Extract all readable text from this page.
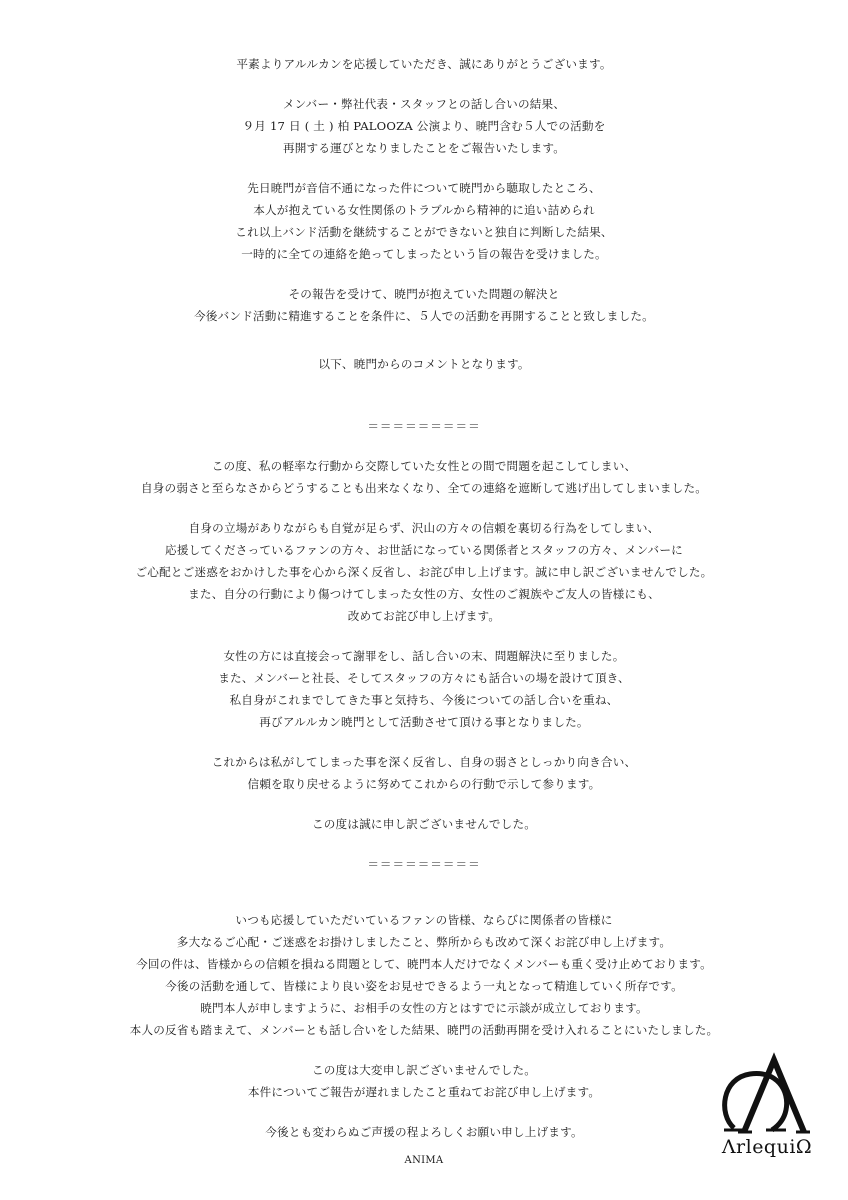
平素よりアルルカンを応援していただき、誠にありがとうございます。
メンバー・弊社代表・スタッフとの話し合いの結果、
９月 17 日 ( 土 ) 柏 PALOOZA 公演より、暁門含む５人での活動を
再開する運びとなりましたことをご報告いたします。
先日暁門が音信不通になった件について暁門から聴取したところ、
本人が抱えている女性関係のトラブルから精神的に追い詰められ
これ以上バンド活動を継続することができないと独自に判断した結果、
一時的に全ての連絡を絶ってしまったという旨の報告を受けました。
その報告を受けて、暁門が抱えていた問題の解決と
今後バンド活動に精進することを条件に、５人での活動を再開することと致しました。
以下、暁門からのコメントとなります。
＝＝＝＝＝＝＝＝＝
この度、私の軽率な行動から交際していた女性との間で問題を起こしてしまい、
自身の弱さと至らなさからどうすることも出来なくなり、全ての連絡を遮断して逃げ出してしまいました。
自身の立場がありながらも自覚が足らず、沢山の方々の信頼を裏切る行為をしてしまい、
応援してくださっているファンの方々、お世話になっている関係者とスタッフの方々、メンバーに
ご心配とご迷惑をおかけした事を心から深く反省し、お詫び申し上げます。誠に申し訳ございませんでした。
また、自分の行動により傷つけてしまった女性の方、女性のご親族やご友人の皆様にも、
改めてお詫び申し上げます。
女性の方には直接会って謝罪をし、話し合いの末、問題解決に至りました。
また、メンバーと社長、そしてスタッフの方々にも話合いの場を設けて頂き、
私自身がこれまでしてきた事と気持ち、今後についての話し合いを重ね、
再びアルルカン暁門として活動させて頂ける事となりました。
これからは私がしてしまった事を深く反省し、自身の弱さとしっかり向き合い、
信頼を取り戻せるように努めてこれからの行動で示して参ります。
この度は誠に申し訳ございませんでした。
＝＝＝＝＝＝＝＝＝
いつも応援していただいているファンの皆様、ならびに関係者の皆様に
多大なるご心配・ご迷惑をお掛けしましたこと、弊所からも改めて深くお詫び申し上げます。
今回の件は、皆様からの信頼を損ねる問題として、暁門本人だけでなくメンバーも重く受け止めております。
今後の活動を通して、皆様により良い姿をお見せできるよう一丸となって精進していく所存です。
暁門本人が申しますように、お相手の女性の方とはすでに示談が成立しております。
本人の反省も踏まえて、メンバーとも話し合いをした結果、暁門の活動再開を受け入れることにいたしました。
この度は大変申し訳ございませんでした。
本件についてご報告が遅れましたこと重ねてお詫び申し上げます。
今後とも変わらぬご声援の程よろしくお願い申し上げます。
ΛrlequiΩ
ANIMA
